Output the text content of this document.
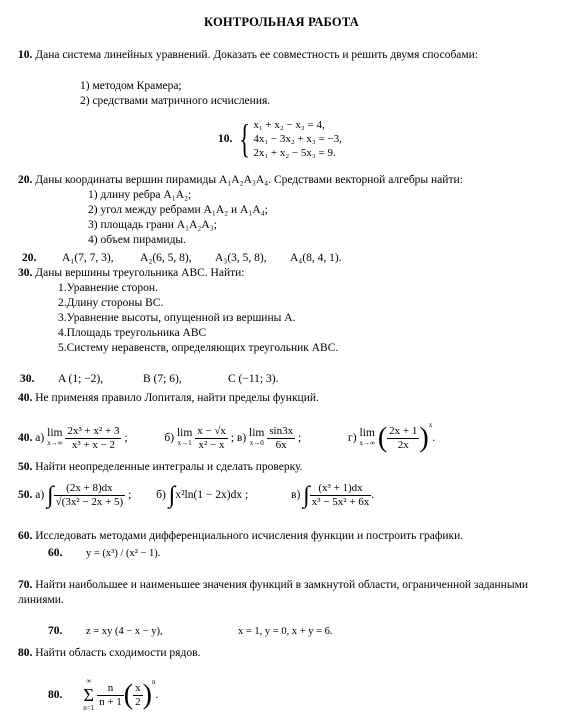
КОНТРОЛЬНАЯ РАБОТА
10. Дана система линейных уравнений. Доказать ее совместность и решить двумя способами:
1) методом Крамера;
2) средствами матричного исчисления.
10. { x₁ + x₂ − x₃ = 4,
4x₁ − 3x₂ + x₃ = −3,
2x₁ + x₂ − 5x₃ = 9.
20. Даны координаты вершин пирамиды A₁A₂A₃A₄. Средствами векторной алгебры найти:
1) длину ребра A₁A₂;
2) угол между ребрами A₁A₂ и A₁A₄;
3) площадь грани A₁A₂A₃;
4) объем пирамиды.
20. A₁(7, 7, 3), A₂(6, 5, 8), A₃(3, 5, 8), A₄(8, 4, 1).
30. Даны вершины треугольника ABC. Найти:
1.Уравнение сторон.
2.Длину стороны BC.
3.Уравнение высоты, опущенной из вершины A.
4.Площадь треугольника ABC
5.Систему неравенств, определяющих треугольник ABC.
30. A (1; −2),	B (7; 6),	C (−11; 3).
40. Не применяя правило Лопиталя, найти пределы функций.
40. а) lim
x→∞
$\frac{\text{2x³ + x² + 3}}{\text{x³ + x − 2}}$ ;	б) lim
x→1
$\frac{x - √x}{\text{x² − x}}$ ; в) lim
x→0
$\frac{\sin 3x}{6x}$ ;	г) lim
x→∞ ( $\frac{2x + 1}{2x} )^x$.
50. Найти неопределенные интегралы и сделать проверку.
50. а) ∫ $\frac{(2x + 8)dx}{\text{√(3x² − 2x + 5)}}$ ; б) ∫x²ln(1 − 2x)dx ;	в) ∫ $\frac{\text{(x³ + 1)dx}}{\text{x³ − 5x² + 6x}}$ .
60. Исследовать методами дифференциального исчисления функции и построить графики.
60. y = (x³) / (x² − 1).
70. Найти наибольшее и наименьшее значения функций в замкнутой области, ограниченной заданными линиями.
70. z = xy (4 − x − y),	x = 1, y = 0, x + y = 6.
80. Найти область сходимости рядов.
80.
∞
Σ
n=1
$\frac{n}{n + 1}$ ( $\frac{x}{2} )^n$.
